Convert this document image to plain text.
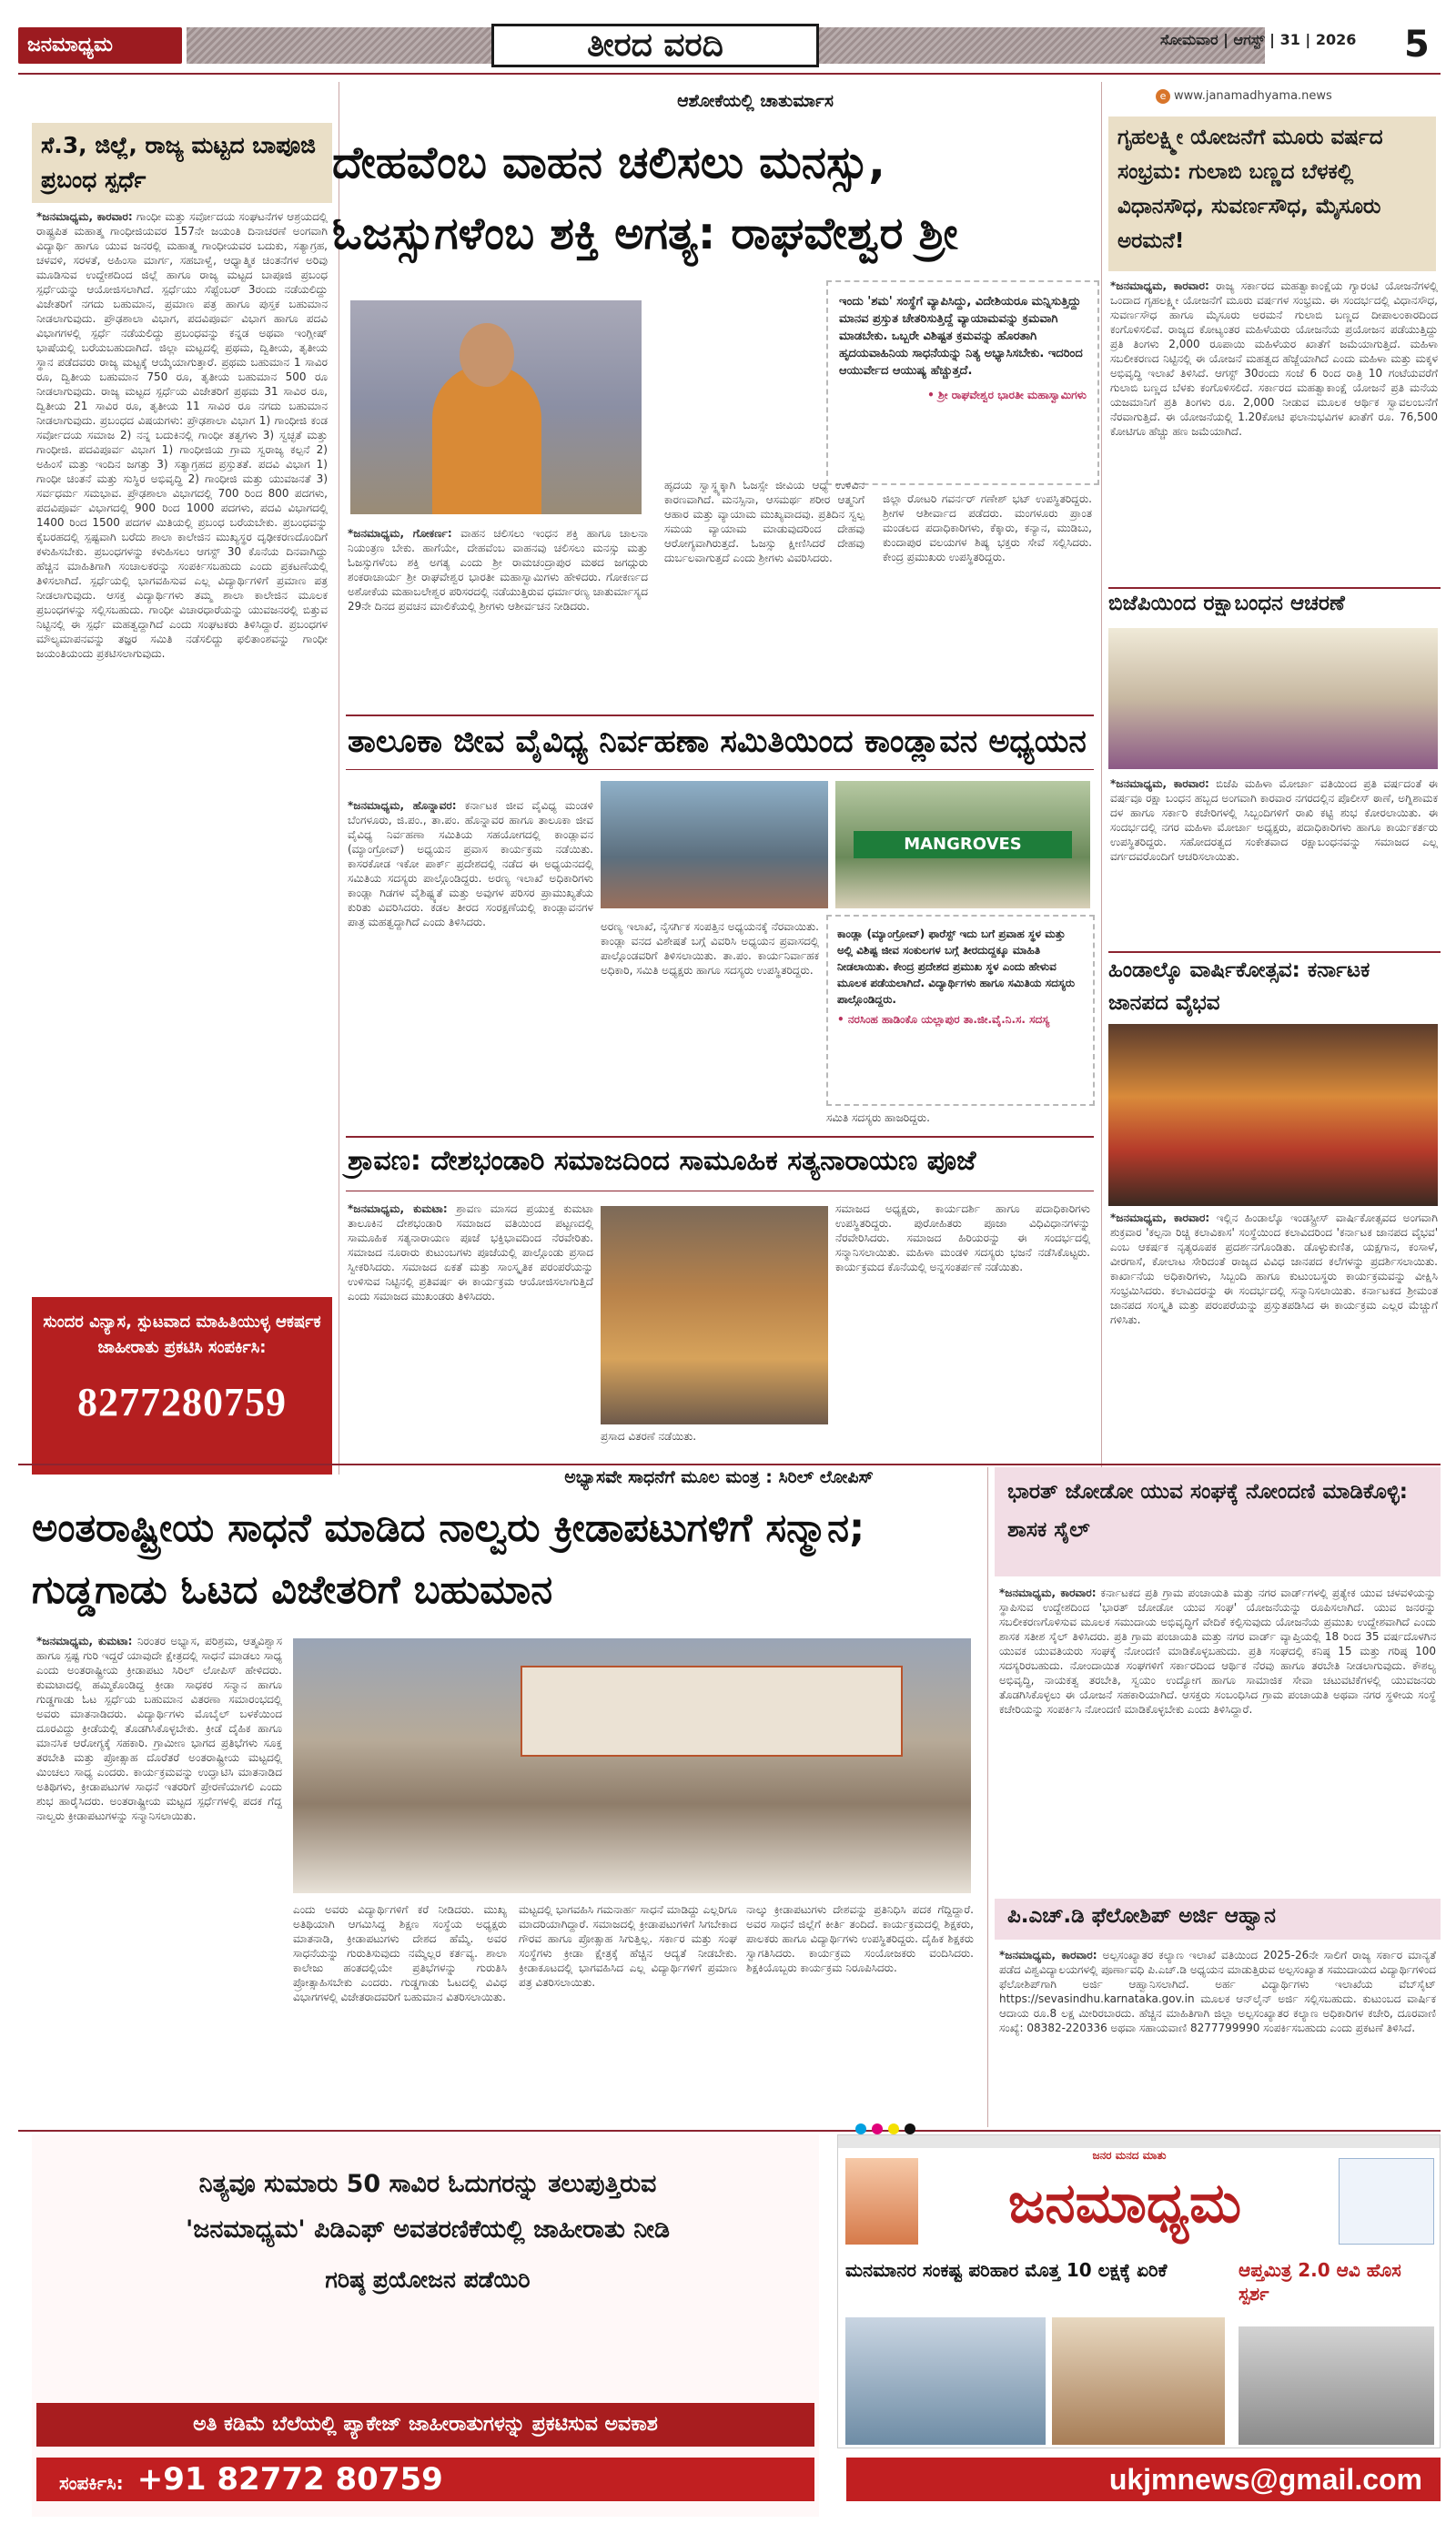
ಜನಮಾಧ್ಯಮ	ತೀರದ ವರದಿ	ಸೋಮವಾರ | ಆಗಸ್ಟ್ | 31 | 2026	5
e www.janamadhyama.news
ಸೆ.3, ಜಿಲ್ಲೆ, ರಾಜ್ಯ ಮಟ್ಟದ ಬಾಪೂಜಿ ಪ್ರಬಂಧ ಸ್ಪರ್ಧೆ
*ಜನಮಾಧ್ಯಮ, ಕಾರವಾರ: ಗಾಂಧೀ ಮತ್ತು ಸರ್ವೋದಯ ಸಂಘಟನೆಗಳ ಆಶ್ರಯದಲ್ಲಿ ರಾಷ್ಟ್ರಪಿತ ಮಹಾತ್ಮ ಗಾಂಧೀಜಿಯವರ 157ನೇ ಜಯಂತಿ ದಿನಾಚರಣೆ ಅಂಗವಾಗಿ ವಿದ್ಯಾರ್ಥಿ ಹಾಗೂ ಯುವ ಜನರಲ್ಲಿ ಮಹಾತ್ಮ ಗಾಂಧೀಯವರ ಬದುಕು, ಸತ್ಯಾಗ್ರಹ, ಚಳವಳಿ, ಸರಳತೆ, ಅಹಿಂಸಾ ಮಾರ್ಗ, ಸಹಬಾಳ್ವೆ, ಆಧ್ಯಾತ್ಮಿಕ ಚಿಂತನೆಗಳ ಅರಿವು ಮೂಡಿಸುವ ಉದ್ದೇಶದಿಂದ ಜಿಲ್ಲೆ ಹಾಗೂ ರಾಜ್ಯ ಮಟ್ಟದ ಬಾಪೂಜಿ ಪ್ರಬಂಧ ಸ್ಪರ್ಧೆಯನ್ನು ಆಯೋಜಿಸಲಾಗಿದೆ. ಸ್ಪರ್ಧೆಯು ಸೆಪ್ಟೆಂಬರ್ 3ರಂದು ನಡೆಯಲಿದ್ದು ವಿಜೇತರಿಗೆ ನಗದು ಬಹುಮಾನ, ಪ್ರಮಾಣ ಪತ್ರ ಹಾಗೂ ಪುಸ್ತಕ ಬಹುಮಾನ ನೀಡಲಾಗುವುದು. ಪ್ರೌಢಶಾಲಾ ವಿಭಾಗ, ಪದವಿಪೂರ್ವ ವಿಭಾಗ ಹಾಗೂ ಪದವಿ ವಿಭಾಗಗಳಲ್ಲಿ ಸ್ಪರ್ಧೆ ನಡೆಯಲಿದ್ದು ಪ್ರಬಂಧವನ್ನು ಕನ್ನಡ ಅಥವಾ ಇಂಗ್ಲೀಷ್ ಭಾಷೆಯಲ್ಲಿ ಬರೆಯಬಹುದಾಗಿದೆ. ಜಿಲ್ಲಾ ಮಟ್ಟದಲ್ಲಿ ಪ್ರಥಮ, ದ್ವಿತೀಯ, ತೃತೀಯ ಸ್ಥಾನ ಪಡೆದವರು ರಾಜ್ಯ ಮಟ್ಟಕ್ಕೆ ಆಯ್ಕೆಯಾಗುತ್ತಾರೆ. ಪ್ರಥಮ ಬಹುಮಾನ 1 ಸಾವಿರ ರೂ, ದ್ವಿತೀಯ ಬಹುಮಾನ 750 ರೂ, ತೃತೀಯ ಬಹುಮಾನ 500 ರೂ ನೀಡಲಾಗುವುದು. ರಾಜ್ಯ ಮಟ್ಟದ ಸ್ಪರ್ಧೆಯ ವಿಜೇತರಿಗೆ ಪ್ರಥಮ 31 ಸಾವಿರ ರೂ, ದ್ವಿತೀಯ 21 ಸಾವಿರ ರೂ, ತೃತೀಯ 11 ಸಾವಿರ ರೂ ನಗದು ಬಹುಮಾನ ನೀಡಲಾಗುವುದು. ಪ್ರಬಂಧದ ವಿಷಯಗಳು: ಪ್ರೌಢಶಾಲಾ ವಿಭಾಗ 1) ಗಾಂಧೀಜಿ ಕಂಡ ಸರ್ವೋದಯ ಸಮಾಜ 2) ನನ್ನ ಬದುಕಿನಲ್ಲಿ ಗಾಂಧೀ ತತ್ವಗಳು 3) ಸ್ವಚ್ಛತೆ ಮತ್ತು ಗಾಂಧೀಜಿ. ಪದವಿಪೂರ್ವ ವಿಭಾಗ 1) ಗಾಂಧೀಜಿಯ ಗ್ರಾಮ ಸ್ವರಾಜ್ಯ ಕಲ್ಪನೆ 2) ಅಹಿಂಸೆ ಮತ್ತು ಇಂದಿನ ಜಗತ್ತು 3) ಸತ್ಯಾಗ್ರಹದ ಪ್ರಸ್ತುತತೆ. ಪದವಿ ವಿಭಾಗ 1) ಗಾಂಧೀ ಚಿಂತನೆ ಮತ್ತು ಸುಸ್ಥಿರ ಅಭಿವೃದ್ಧಿ 2) ಗಾಂಧೀಜಿ ಮತ್ತು ಯುವಜನತೆ 3) ಸರ್ವಧರ್ಮ ಸಮಭಾವ. ಪ್ರೌಢಶಾಲಾ ವಿಭಾಗದಲ್ಲಿ 700 ರಿಂದ 800 ಪದಗಳು, ಪದವಿಪೂರ್ವ ವಿಭಾಗದಲ್ಲಿ 900 ರಿಂದ 1000 ಪದಗಳು, ಪದವಿ ವಿಭಾಗದಲ್ಲಿ 1400 ರಿಂದ 1500 ಪದಗಳ ಮಿತಿಯಲ್ಲಿ ಪ್ರಬಂಧ ಬರೆಯಬೇಕು. ಪ್ರಬಂಧವನ್ನು ಕೈಬರಹದಲ್ಲಿ ಸ್ಪಷ್ಟವಾಗಿ ಬರೆದು ಶಾಲಾ ಕಾಲೇಜಿನ ಮುಖ್ಯಸ್ಥರ ದೃಢೀಕರಣದೊಂದಿಗೆ ಕಳುಹಿಸಬೇಕು. ಪ್ರಬಂಧಗಳನ್ನು ಕಳುಹಿಸಲು ಆಗಸ್ಟ್ 30 ಕೊನೆಯ ದಿನವಾಗಿದ್ದು ಹೆಚ್ಚಿನ ಮಾಹಿತಿಗಾಗಿ ಸಂಚಾಲಕರನ್ನು ಸಂಪರ್ಕಿಸಬಹುದು ಎಂದು ಪ್ರಕಟಣೆಯಲ್ಲಿ ತಿಳಿಸಲಾಗಿದೆ. ಸ್ಪರ್ಧೆಯಲ್ಲಿ ಭಾಗವಹಿಸುವ ಎಲ್ಲ ವಿದ್ಯಾರ್ಥಿಗಳಿಗೆ ಪ್ರಮಾಣ ಪತ್ರ ನೀಡಲಾಗುವುದು. ಆಸಕ್ತ ವಿದ್ಯಾರ್ಥಿಗಳು ತಮ್ಮ ಶಾಲಾ ಕಾಲೇಜಿನ ಮೂಲಕ ಪ್ರಬಂಧಗಳನ್ನು ಸಲ್ಲಿಸಬಹುದು. ಗಾಂಧೀ ವಿಚಾರಧಾರೆಯನ್ನು ಯುವಜನರಲ್ಲಿ ಬಿತ್ತುವ ನಿಟ್ಟಿನಲ್ಲಿ ಈ ಸ್ಪರ್ಧೆ ಮಹತ್ವದ್ದಾಗಿದೆ ಎಂದು ಸಂಘಟಕರು ತಿಳಿಸಿದ್ದಾರೆ. ಪ್ರಬಂಧಗಳ ಮೌಲ್ಯಮಾಪನವನ್ನು ತಜ್ಞರ ಸಮಿತಿ ನಡೆಸಲಿದ್ದು ಫಲಿತಾಂಶವನ್ನು ಗಾಂಧೀ ಜಯಂತಿಯಂದು ಪ್ರಕಟಿಸಲಾಗುವುದು.
ಸುಂದರ ವಿನ್ಯಾಸ, ಸ್ಪುಟವಾದ ಮಾಹಿತಿಯುಳ್ಳ ಆಕರ್ಷಕ ಜಾಹೀರಾತು ಪ್ರಕಟಿಸಿ ಸಂಪರ್ಕಿಸಿ:
8277280759
ಆಶೋಕೆಯಲ್ಲಿ ಚಾತುರ್ಮಾಸ
ದೇಹವೆಂಬ ವಾಹನ ಚಲಿಸಲು ಮನಸ್ಸು, ಓಜಸ್ಸುಗಳೆಂಬ ಶಕ್ತಿ ಅಗತ್ಯ: ರಾಘವೇಶ್ವರ ಶ್ರೀ
ಇಂದು 'ಶಮ' ಸಂಸ್ಥೆಗೆ ವ್ಯಾಪಿಸಿದ್ದು, ವಿದೇಶಿಯರೂ ಮನ್ನಿಸುತ್ತಿದ್ದು ಮಾನವ ಪ್ರಸ್ತುತ ಚೇತರಿಸುತ್ತಿದ್ದೆ ವ್ಯಾಯಾಮವನ್ನು ಕ್ರಮವಾಗಿ ಮಾಡಬೇಕು. ಒಬ್ಬರೇ ವಿಶಿಷ್ಟತ ಕ್ರಮವನ್ನು ಹೊರತಾಗಿ ಹೃದಯವಾಹಿನಿಯ ಸಾಧನೆಯನ್ನು ನಿತ್ಯ ಅಭ್ಯಾಸಿಸಬೇಕು. ಇದರಿಂದ ಆಯುರ್ವೇದ ಆಯುಷ್ಯ ಹೆಚ್ಚುತ್ತದೆ.
• ಶ್ರೀ ರಾಘವೇಶ್ವರ ಭಾರತೀ ಮಹಾಸ್ವಾಮಿಗಳು
*ಜನಮಾಧ್ಯಮ, ಗೋಕರ್ಣ: ವಾಹನ ಚಲಿಸಲು ಇಂಧನ ಶಕ್ತಿ ಹಾಗೂ ಚಾಲನಾ ನಿಯಂತ್ರಣ ಬೇಕು. ಹಾಗೆಯೇ, ದೇಹವೆಂಬ ವಾಹನವು ಚಲಿಸಲು ಮನಸ್ಸು ಮತ್ತು ಓಜಸ್ಸುಗಳೆಂಬ ಶಕ್ತಿ ಅಗತ್ಯ ಎಂದು ಶ್ರೀ ರಾಮಚಂದ್ರಾಪುರ ಮಠದ ಜಗದ್ಗುರು ಶಂಕರಾಚಾರ್ಯ ಶ್ರೀ ರಾಘವೇಶ್ವರ ಭಾರತೀ ಮಹಾಸ್ವಾಮಿಗಳು ಹೇಳಿದರು. ಗೋಕರ್ಣದ ಅಶೋಕೆಯ ಮಹಾಬಲೇಶ್ವರ ಪರಿಸರದಲ್ಲಿ ನಡೆಯುತ್ತಿರುವ ಧರ್ಮಾರಣ್ಯ ಚಾತುರ್ಮಾಸ್ಯದ 29ನೇ ದಿನದ ಪ್ರವಚನ ಮಾಲಿಕೆಯಲ್ಲಿ ಶ್ರೀಗಳು ಆಶೀರ್ವಚನ ನೀಡಿದರು.
ಹೃದಯ ಸ್ವಾಸ್ಥ್ಯಕ್ಕಾಗಿ ಓಜಸ್ಸೇ ಜೀವಿಯ ಆಧ್ಯ ಉಳಿವಿನ ಕಾರಣವಾಗಿದೆ. ಮನಸ್ಸಿನಾ, ಆಸಮರ್ಥ ಶರೀರ ಆತ್ಮನಿಗೆ ಆಹಾರ ಮತ್ತು ವ್ಯಾಯಾಮ ಮುಖ್ಯವಾದವು. ಪ್ರತಿದಿನ ಸ್ವಲ್ಪ ಸಮಯ ವ್ಯಾಯಾಮ ಮಾಡುವುದರಿಂದ ದೇಹವು ಆರೋಗ್ಯವಾಗಿರುತ್ತದೆ. ಓಜಸ್ಸು ಕ್ಷೀಣಿಸಿದರೆ ದೇಹವು ದುರ್ಬಲವಾಗುತ್ತದೆ ಎಂದು ಶ್ರೀಗಳು ವಿವರಿಸಿದರು.
ಜಿಲ್ಲಾ ರೋಟರಿ ಗವರ್ನರ್ ಗಣೇಶ್ ಭಟ್ ಉಪಸ್ಥಿತರಿದ್ದರು. ಶ್ರೀಗಳ ಆಶೀರ್ವಾದ ಪಡೆದರು. ಮಂಗಳೂರು ಪ್ರಾಂತ ಮಂಡಲದ ಪದಾಧಿಕಾರಿಗಳು, ಕೆಕ್ಕಾರು, ಕನ್ಯಾನ, ಮುಡಿಬು, ಕುಂದಾಪುರ ವಲಯಗಳ ಶಿಷ್ಯ ಭಕ್ತರು ಸೇವೆ ಸಲ್ಲಿಸಿದರು. ಕೇಂದ್ರ ಪ್ರಮುಖರು ಉಪಸ್ಥಿತರಿದ್ದರು.
ತಾಲೂಕಾ ಜೀವ ವೈವಿಧ್ಯ ನಿರ್ವಹಣಾ ಸಮಿತಿಯಿಂದ ಕಾಂಡ್ಲಾವನ ಅಧ್ಯಯನ
*ಜನಮಾಧ್ಯಮ, ಹೊನ್ನಾವರ: ಕರ್ನಾಟಕ ಜೀವ ವೈವಿಧ್ಯ ಮಂಡಳಿ ಬೆಂಗಳೂರು, ಜಿ.ಪಂ., ತಾ.ಪಂ. ಹೊನ್ನಾವರ ಹಾಗೂ ತಾಲೂಕಾ ಜೀವ ವೈವಿಧ್ಯ ನಿರ್ವಹಣಾ ಸಮಿತಿಯ ಸಹಯೋಗದಲ್ಲಿ ಕಾಂಡ್ಲಾವನ (ಮ್ಯಾಂಗ್ರೋವ್) ಅಧ್ಯಯನ ಪ್ರವಾಸ ಕಾರ್ಯಕ್ರಮ ನಡೆಯಿತು. ಕಾಸರಕೋಡ ಇಕೋ ಪಾರ್ಕ್ ಪ್ರದೇಶದಲ್ಲಿ ನಡೆದ ಈ ಅಧ್ಯಯನದಲ್ಲಿ ಸಮಿತಿಯ ಸದಸ್ಯರು ಪಾಲ್ಗೊಂಡಿದ್ದರು. ಅರಣ್ಯ ಇಲಾಖೆ ಅಧಿಕಾರಿಗಳು ಕಾಂಡ್ಲಾ ಗಿಡಗಳ ವೈಶಿಷ್ಟ್ಯತೆ ಮತ್ತು ಅವುಗಳ ಪರಿಸರ ಪ್ರಾಮುಖ್ಯತೆಯ ಕುರಿತು ವಿವರಿಸಿದರು. ಕಡಲ ತೀರದ ಸಂರಕ್ಷಣೆಯಲ್ಲಿ ಕಾಂಡ್ಲಾವನಗಳ ಪಾತ್ರ ಮಹತ್ವದ್ದಾಗಿದೆ ಎಂದು ತಿಳಿಸಿದರು.
MANGROVES
ಅರಣ್ಯ ಇಲಾಖೆ, ನೈಸರ್ಗಿಕ ಸಂಪತ್ತಿನ ಅಧ್ಯಯನಕ್ಕೆ ನೆರವಾಯಿತು. ಕಾಂಡ್ಲಾ ವನದ ವಿಶೇಷತೆ ಬಗ್ಗೆ ವಿವರಿಸಿ ಅಧ್ಯಯನ ಪ್ರವಾಸದಲ್ಲಿ ಪಾಲ್ಗೊಂಡವರಿಗೆ ತಿಳಿಸಲಾಯಿತು. ತಾ.ಪಂ. ಕಾರ್ಯನಿರ್ವಾಹಕ ಅಧಿಕಾರಿ, ಸಮಿತಿ ಅಧ್ಯಕ್ಷರು ಹಾಗೂ ಸದಸ್ಯರು ಉಪಸ್ಥಿತರಿದ್ದರು.
ಕಾಂಡ್ಲಾ (ಮ್ಯಾಂಗ್ರೋವ್) ಫಾರೆಸ್ಟ್ ಇದು ಬಗೆ ಪ್ರವಾಹ ಸ್ಥಳ ಮತ್ತು ಅಲ್ಲಿ ವಿಶಿಷ್ಟ ಜೀವ ಸಂಕುಲಗಳ ಬಗ್ಗೆ ತೀರದುದ್ದಕ್ಕೂ ಮಾಹಿತಿ ನೀಡಲಾಯಿತು. ಕೇಂದ್ರ ಪ್ರದೇಶದ ಪ್ರಮುಖ ಸ್ಥಳ ಎಂದು ಹೇಳುವ ಮೂಲಕ ಪಡೆಯಲಾಗಿದೆ. ವಿದ್ಯಾರ್ಥಿಗಳು ಹಾಗೂ ಸಮಿತಿಯ ಸದಸ್ಯರು ಪಾಲ್ಗೊಂಡಿದ್ದರು.
• ನರಸಿಂಹ ಹಾಡಿಂಕೊ ಯಲ್ಲಾಪುರ ತಾ.ಜೀ.ವೈ.ನಿ.ಸ. ಸದಸ್ಯ
ಸಮಿತಿ ಸದಸ್ಯರು ಹಾಜರಿದ್ದರು.
ಶ್ರಾವಣ: ದೇಶಭಂಡಾರಿ ಸಮಾಜದಿಂದ ಸಾಮೂಹಿಕ ಸತ್ಯನಾರಾಯಣ ಪೂಜೆ
*ಜನಮಾಧ್ಯಮ, ಕುಮಟಾ: ಶ್ರಾವಣ ಮಾಸದ ಪ್ರಯುಕ್ತ ಕುಮಟಾ ತಾಲೂಕಿನ ದೇಶಭಂಡಾರಿ ಸಮಾಜದ ವತಿಯಿಂದ ಪಟ್ಟಣದಲ್ಲಿ ಸಾಮೂಹಿಕ ಸತ್ಯನಾರಾಯಣ ಪೂಜೆ ಭಕ್ತಿಭಾವದಿಂದ ನೆರವೇರಿತು. ಸಮಾಜದ ನೂರಾರು ಕುಟುಂಬಗಳು ಪೂಜೆಯಲ್ಲಿ ಪಾಲ್ಗೊಂಡು ಪ್ರಸಾದ ಸ್ವೀಕರಿಸಿದರು. ಸಮಾಜದ ಏಕತೆ ಮತ್ತು ಸಾಂಸ್ಕೃತಿಕ ಪರಂಪರೆಯನ್ನು ಉಳಿಸುವ ನಿಟ್ಟಿನಲ್ಲಿ ಪ್ರತಿವರ್ಷ ಈ ಕಾರ್ಯಕ್ರಮ ಆಯೋಜಿಸಲಾಗುತ್ತಿದೆ ಎಂದು ಸಮಾಜದ ಮುಖಂಡರು ತಿಳಿಸಿದರು.
ಪ್ರಸಾದ ವಿತರಣೆ ನಡೆಯಿತು.
ಸಮಾಜದ ಅಧ್ಯಕ್ಷರು, ಕಾರ್ಯದರ್ಶಿ ಹಾಗೂ ಪದಾಧಿಕಾರಿಗಳು ಉಪಸ್ಥಿತರಿದ್ದರು. ಪುರೋಹಿತರು ಪೂಜಾ ವಿಧಿವಿಧಾನಗಳನ್ನು ನೆರವೇರಿಸಿದರು. ಸಮಾಜದ ಹಿರಿಯರನ್ನು ಈ ಸಂದರ್ಭದಲ್ಲಿ ಸನ್ಮಾನಿಸಲಾಯಿತು. ಮಹಿಳಾ ಮಂಡಳಿ ಸದಸ್ಯರು ಭಜನೆ ನಡೆಸಿಕೊಟ್ಟರು. ಕಾರ್ಯಕ್ರಮದ ಕೊನೆಯಲ್ಲಿ ಅನ್ನಸಂತರ್ಪಣೆ ನಡೆಯಿತು.
ಗೃಹಲಕ್ಷ್ಮೀ ಯೋಜನೆಗೆ ಮೂರು ವರ್ಷದ ಸಂಭ್ರಮ: ಗುಲಾಬಿ ಬಣ್ಣದ ಬೆಳಕಲ್ಲಿ ವಿಧಾನಸೌಧ, ಸುವರ್ಣಸೌಧ, ಮೈಸೂರು ಅರಮನೆ!
*ಜನಮಾಧ್ಯಮ, ಕಾರವಾರ: ರಾಜ್ಯ ಸರ್ಕಾರದ ಮಹತ್ವಾಕಾಂಕ್ಷೆಯ ಗ್ಯಾರಂಟಿ ಯೋಜನೆಗಳಲ್ಲಿ ಒಂದಾದ ಗೃಹಲಕ್ಷ್ಮೀ ಯೋಜನೆಗೆ ಮೂರು ವರ್ಷಗಳ ಸಂಭ್ರಮ. ಈ ಸಂದರ್ಭದಲ್ಲಿ ವಿಧಾನಸೌಧ, ಸುವರ್ಣಸೌಧ ಹಾಗೂ ಮೈಸೂರು ಅರಮನೆ ಗುಲಾಬಿ ಬಣ್ಣದ ದೀಪಾಲಂಕಾರದಿಂದ ಕಂಗೊಳಿಸಲಿವೆ. ರಾಜ್ಯದ ಕೋಟ್ಯಂತರ ಮಹಿಳೆಯರು ಯೋಜನೆಯ ಪ್ರಯೋಜನ ಪಡೆಯುತ್ತಿದ್ದು ಪ್ರತಿ ತಿಂಗಳು 2,000 ರೂಪಾಯಿ ಮಹಿಳೆಯರ ಖಾತೆಗೆ ಜಮೆಯಾಗುತ್ತಿದೆ. ಮಹಿಳಾ ಸಬಲೀಕರಣದ ನಿಟ್ಟಿನಲ್ಲಿ ಈ ಯೋಜನೆ ಮಹತ್ವದ ಹೆಜ್ಜೆಯಾಗಿದೆ ಎಂದು ಮಹಿಳಾ ಮತ್ತು ಮಕ್ಕಳ ಅಭಿವೃದ್ಧಿ ಇಲಾಖೆ ತಿಳಿಸಿದೆ. ಆಗಸ್ಟ್ 30ರಂದು ಸಂಜೆ 6 ರಿಂದ ರಾತ್ರಿ 10 ಗಂಟೆಯವರೆಗೆ ಗುಲಾಬಿ ಬಣ್ಣದ ಬೆಳಕು ಕಂಗೊಳಿಸಲಿದೆ. ಸರ್ಕಾರದ ಮಹತ್ವಾಕಾಂಕ್ಷೆ ಯೋಜನೆ ಪ್ರತಿ ಮನೆಯ ಯಜಮಾನಿಗೆ ಪ್ರತಿ ತಿಂಗಳು ರೂ. 2,000 ನೀಡುವ ಮೂಲಕ ಆರ್ಥಿಕ ಸ್ವಾವಲಂಬನೆಗೆ ನೆರವಾಗುತ್ತಿದೆ. ಈ ಯೋಜನೆಯಲ್ಲಿ 1.20ಕೋಟಿ ಫಲಾನುಭವಿಗಳ ಖಾತೆಗೆ ರೂ. 76,500 ಕೋಟಿಗೂ ಹೆಚ್ಚು ಹಣ ಜಮೆಯಾಗಿದೆ.
ಬಿಜೆಪಿಯಿಂದ ರಕ್ಷಾಬಂಧನ ಆಚರಣೆ
*ಜನಮಾಧ್ಯಮ, ಕಾರವಾರ: ಬಿಜೆಪಿ ಮಹಿಳಾ ಮೋರ್ಚಾ ವತಿಯಿಂದ ಪ್ರತಿ ವರ್ಷದಂತೆ ಈ ವರ್ಷವೂ ರಕ್ಷಾ ಬಂಧನ ಹಬ್ಬದ ಅಂಗವಾಗಿ ಕಾರವಾರ ನಗರದಲ್ಲಿನ ಪೊಲೀಸ್ ಠಾಣೆ, ಅಗ್ನಿಶಾಮಕ ದಳ ಹಾಗೂ ಸರ್ಕಾರಿ ಕಚೇರಿಗಳಲ್ಲಿ ಸಿಬ್ಬಂದಿಗಳಿಗೆ ರಾಖಿ ಕಟ್ಟಿ ಶುಭ ಕೋರಲಾಯಿತು. ಈ ಸಂದರ್ಭದಲ್ಲಿ ನಗರ ಮಹಿಳಾ ಮೋರ್ಚಾ ಅಧ್ಯಕ್ಷರು, ಪದಾಧಿಕಾರಿಗಳು ಹಾಗೂ ಕಾರ್ಯಕರ್ತರು ಉಪಸ್ಥಿತರಿದ್ದರು. ಸಹೋದರತ್ವದ ಸಂಕೇತವಾದ ರಕ್ಷಾಬಂಧನವನ್ನು ಸಮಾಜದ ಎಲ್ಲ ವರ್ಗದವರೊಂದಿಗೆ ಆಚರಿಸಲಾಯಿತು.
ಹಿಂಡಾಲ್ಕೊ ವಾರ್ಷಿಕೋತ್ಸವ: ಕರ್ನಾಟಕ ಜಾನಪದ ವೈಭವ
*ಜನಮಾಧ್ಯಮ, ಕಾರವಾರ: ಇಲ್ಲಿನ ಹಿಂಡಾಲ್ಕೊ ಇಂಡಸ್ಟ್ರೀಸ್ ವಾರ್ಷಿಕೋತ್ಸವದ ಅಂಗವಾಗಿ ಶುಕ್ರವಾರ 'ಕಲ್ಪನಾ ರಿಚ್ಚಿ ಕಲಾವಿಕಾಸ' ಸಂಸ್ಥೆಯಿಂದ ಕಲಾವಿದರಿಂದ 'ಕರ್ನಾಟಕ ಜಾನಪದ ವೈಭವ' ಎಂಬ ಆಕರ್ಷಕ ನೃತ್ಯರೂಪಕ ಪ್ರದರ್ಶನಗೊಂಡಿತು. ಡೊಳ್ಳುಕುಣಿತ, ಯಕ್ಷಗಾನ, ಕಂಸಾಳೆ, ವೀರಗಾಸೆ, ಕೋಲಾಟ ಸೇರಿದಂತೆ ರಾಜ್ಯದ ವಿವಿಧ ಜಾನಪದ ಕಲೆಗಳನ್ನು ಪ್ರದರ್ಶಿಸಲಾಯಿತು. ಕಾರ್ಖಾನೆಯ ಅಧಿಕಾರಿಗಳು, ಸಿಬ್ಬಂದಿ ಹಾಗೂ ಕುಟುಂಬಸ್ಥರು ಕಾರ್ಯಕ್ರಮವನ್ನು ವೀಕ್ಷಿಸಿ ಸಂಭ್ರಮಿಸಿದರು. ಕಲಾವಿದರನ್ನು ಈ ಸಂದರ್ಭದಲ್ಲಿ ಸನ್ಮಾನಿಸಲಾಯಿತು. ಕರ್ನಾಟಕದ ಶ್ರೀಮಂತ ಜಾನಪದ ಸಂಸ್ಕೃತಿ ಮತ್ತು ಪರಂಪರೆಯನ್ನು ಪ್ರಸ್ತುತಪಡಿಸಿದ ಈ ಕಾರ್ಯಕ್ರಮ ಎಲ್ಲರ ಮೆಚ್ಚುಗೆ ಗಳಿಸಿತು.
ಅಭ್ಯಾಸವೇ ಸಾಧನೆಗೆ ಮೂಲ ಮಂತ್ರ : ಸಿರಿಲ್ ಲೋಪಿಸ್
ಅಂತರಾಷ್ಟ್ರೀಯ ಸಾಧನೆ ಮಾಡಿದ ನಾಲ್ವರು ಕ್ರೀಡಾಪಟುಗಳಿಗೆ ಸನ್ಮಾನ; ಗುಡ್ಡಗಾಡು ಓಟದ ವಿಜೇತರಿಗೆ ಬಹುಮಾನ
*ಜನಮಾಧ್ಯಮ, ಕುಮಟಾ: ನಿರಂತರ ಅಭ್ಯಾಸ, ಪರಿಶ್ರಮ, ಆತ್ಮವಿಶ್ವಾಸ ಹಾಗೂ ಸ್ಪಷ್ಟ ಗುರಿ ಇದ್ದರೆ ಯಾವುದೇ ಕ್ಷೇತ್ರದಲ್ಲಿ ಸಾಧನೆ ಮಾಡಲು ಸಾಧ್ಯ ಎಂದು ಅಂತರಾಷ್ಟ್ರೀಯ ಕ್ರೀಡಾಪಟು ಸಿರಿಲ್ ಲೋಪಿಸ್ ಹೇಳಿದರು. ಕುಮಟಾದಲ್ಲಿ ಹಮ್ಮಿಕೊಂಡಿದ್ದ ಕ್ರೀಡಾ ಸಾಧಕರ ಸನ್ಮಾನ ಹಾಗೂ ಗುಡ್ಡಗಾಡು ಓಟ ಸ್ಪರ್ಧೆಯ ಬಹುಮಾನ ವಿತರಣಾ ಸಮಾರಂಭದಲ್ಲಿ ಅವರು ಮಾತನಾಡಿದರು. ವಿದ್ಯಾರ್ಥಿಗಳು ಮೊಬೈಲ್ ಬಳಕೆಯಿಂದ ದೂರವಿದ್ದು ಕ್ರೀಡೆಯಲ್ಲಿ ತೊಡಗಿಸಿಕೊಳ್ಳಬೇಕು. ಕ್ರೀಡೆ ದೈಹಿಕ ಹಾಗೂ ಮಾನಸಿಕ ಆರೋಗ್ಯಕ್ಕೆ ಸಹಕಾರಿ. ಗ್ರಾಮೀಣ ಭಾಗದ ಪ್ರತಿಭೆಗಳು ಸೂಕ್ತ ತರಬೇತಿ ಮತ್ತು ಪ್ರೋತ್ಸಾಹ ದೊರೆತರೆ ಅಂತರಾಷ್ಟ್ರೀಯ ಮಟ್ಟದಲ್ಲಿ ಮಿಂಚಲು ಸಾಧ್ಯ ಎಂದರು. ಕಾರ್ಯಕ್ರಮವನ್ನು ಉದ್ಘಾಟಿಸಿ ಮಾತನಾಡಿದ ಅತಿಥಿಗಳು, ಕ್ರೀಡಾಪಟುಗಳ ಸಾಧನೆ ಇತರರಿಗೆ ಪ್ರೇರಣೆಯಾಗಲಿ ಎಂದು ಶುಭ ಹಾರೈಸಿದರು. ಅಂತರಾಷ್ಟ್ರೀಯ ಮಟ್ಟದ ಸ್ಪರ್ಧೆಗಳಲ್ಲಿ ಪದಕ ಗೆದ್ದ ನಾಲ್ವರು ಕ್ರೀಡಾಪಟುಗಳನ್ನು ಸನ್ಮಾನಿಸಲಾಯಿತು.
ಎಂದು ಅವರು ವಿದ್ಯಾರ್ಥಿಗಳಿಗೆ ಕರೆ ನೀಡಿದರು. ಮುಖ್ಯ ಅತಿಥಿಯಾಗಿ ಆಗಮಿಸಿದ್ದ ಶಿಕ್ಷಣ ಸಂಸ್ಥೆಯ ಅಧ್ಯಕ್ಷರು ಮಾತನಾಡಿ, ಕ್ರೀಡಾಪಟುಗಳು ದೇಶದ ಹೆಮ್ಮೆ. ಅವರ ಸಾಧನೆಯನ್ನು ಗುರುತಿಸುವುದು ನಮ್ಮೆಲ್ಲರ ಕರ್ತವ್ಯ. ಶಾಲಾ ಕಾಲೇಜು ಹಂತದಲ್ಲಿಯೇ ಪ್ರತಿಭೆಗಳನ್ನು ಗುರುತಿಸಿ ಪ್ರೋತ್ಸಾಹಿಸಬೇಕು ಎಂದರು. ಗುಡ್ಡಗಾಡು ಓಟದಲ್ಲಿ ವಿವಿಧ ವಿಭಾಗಗಳಲ್ಲಿ ವಿಜೇತರಾದವರಿಗೆ ಬಹುಮಾನ ವಿತರಿಸಲಾಯಿತು.
ಮಟ್ಟದಲ್ಲಿ ಭಾಗವಹಿಸಿ ಗಮನಾರ್ಹ ಸಾಧನೆ ಮಾಡಿದ್ದು ಎಲ್ಲರಿಗೂ ಮಾದರಿಯಾಗಿದ್ದಾರೆ. ಸಮಾಜದಲ್ಲಿ ಕ್ರೀಡಾಪಟುಗಳಿಗೆ ಸಿಗಬೇಕಾದ ಗೌರವ ಹಾಗೂ ಪ್ರೋತ್ಸಾಹ ಸಿಗುತ್ತಿಲ್ಲ. ಸರ್ಕಾರ ಮತ್ತು ಸಂಘ ಸಂಸ್ಥೆಗಳು ಕ್ರೀಡಾ ಕ್ಷೇತ್ರಕ್ಕೆ ಹೆಚ್ಚಿನ ಆದ್ಯತೆ ನೀಡಬೇಕು. ಕ್ರೀಡಾಕೂಟದಲ್ಲಿ ಭಾಗವಹಿಸಿದ ಎಲ್ಲ ವಿದ್ಯಾರ್ಥಿಗಳಿಗೆ ಪ್ರಮಾಣ ಪತ್ರ ವಿತರಿಸಲಾಯಿತು.
ನಾಲ್ಕು ಕ್ರೀಡಾಪಟುಗಳು ದೇಶವನ್ನು ಪ್ರತಿನಿಧಿಸಿ ಪದಕ ಗೆದ್ದಿದ್ದಾರೆ. ಅವರ ಸಾಧನೆ ಜಿಲ್ಲೆಗೆ ಕೀರ್ತಿ ತಂದಿದೆ. ಕಾರ್ಯಕ್ರಮದಲ್ಲಿ ಶಿಕ್ಷಕರು, ಪಾಲಕರು ಹಾಗೂ ವಿದ್ಯಾರ್ಥಿಗಳು ಉಪಸ್ಥಿತರಿದ್ದರು. ದೈಹಿಕ ಶಿಕ್ಷಕರು ಸ್ವಾಗತಿಸಿದರು. ಕಾರ್ಯಕ್ರಮ ಸಂಯೋಜಕರು ವಂದಿಸಿದರು. ಶಿಕ್ಷಕಿಯೊಬ್ಬರು ಕಾರ್ಯಕ್ರಮ ನಿರೂಪಿಸಿದರು.
ಭಾರತ್ ಜೋಡೋ ಯುವ ಸಂಘಕ್ಕೆ ನೋಂದಣಿ ಮಾಡಿಕೊಳ್ಳಿ: ಶಾಸಕ ಸೈಲ್
*ಜನಮಾಧ್ಯಮ, ಕಾರವಾರ: ಕರ್ನಾಟಕದ ಪ್ರತಿ ಗ್ರಾಮ ಪಂಚಾಯತಿ ಮತ್ತು ನಗರ ವಾರ್ಡ್‌ಗಳಲ್ಲಿ ಪ್ರತ್ಯೇಕ ಯುವ ಚಳವಳಿಯನ್ನು ಸ್ಥಾಪಿಸುವ ಉದ್ದೇಶದಿಂದ 'ಭಾರತ್ ಜೋಡೋ ಯುವ ಸಂಘ' ಯೋಜನೆಯನ್ನು ರೂಪಿಸಲಾಗಿದೆ. ಯುವ ಜನರನ್ನು ಸಬಲೀಕರಣಗೊಳಿಸುವ ಮೂಲಕ ಸಮುದಾಯ ಅಭಿವೃದ್ಧಿಗೆ ವೇದಿಕೆ ಕಲ್ಪಿಸುವುದು ಯೋಜನೆಯ ಪ್ರಮುಖ ಉದ್ದೇಶವಾಗಿದೆ ಎಂದು ಶಾಸಕ ಸತೀಶ ಸೈಲ್ ತಿಳಿಸಿದರು. ಪ್ರತಿ ಗ್ರಾಮ ಪಂಚಾಯತಿ ಮತ್ತು ನಗರ ವಾರ್ಡ್ ವ್ಯಾಪ್ತಿಯಲ್ಲಿ 18 ರಿಂದ 35 ವರ್ಷದೊಳಗಿನ ಯುವಕ ಯುವತಿಯರು ಸಂಘಕ್ಕೆ ನೋಂದಣಿ ಮಾಡಿಕೊಳ್ಳಬಹುದು. ಪ್ರತಿ ಸಂಘದಲ್ಲಿ ಕನಿಷ್ಠ 15 ಮತ್ತು ಗರಿಷ್ಠ 100 ಸದಸ್ಯರಿರಬಹುದು. ನೋಂದಾಯಿತ ಸಂಘಗಳಿಗೆ ಸರ್ಕಾರದಿಂದ ಆರ್ಥಿಕ ನೆರವು ಹಾಗೂ ತರಬೇತಿ ನೀಡಲಾಗುವುದು. ಕೌಶಲ್ಯ ಅಭಿವೃದ್ಧಿ, ನಾಯಕತ್ವ ತರಬೇತಿ, ಸ್ವಯಂ ಉದ್ಯೋಗ ಹಾಗೂ ಸಾಮಾಜಿಕ ಸೇವಾ ಚಟುವಟಿಕೆಗಳಲ್ಲಿ ಯುವಜನರು ತೊಡಗಿಸಿಕೊಳ್ಳಲು ಈ ಯೋಜನೆ ಸಹಕಾರಿಯಾಗಿದೆ. ಆಸಕ್ತರು ಸಂಬಂಧಿಸಿದ ಗ್ರಾಮ ಪಂಚಾಯತಿ ಅಥವಾ ನಗರ ಸ್ಥಳೀಯ ಸಂಸ್ಥೆ ಕಚೇರಿಯನ್ನು ಸಂಪರ್ಕಿಸಿ ನೋಂದಣಿ ಮಾಡಿಕೊಳ್ಳಬೇಕು ಎಂದು ತಿಳಿಸಿದ್ದಾರೆ.
ಪಿ.ಎಚ್.ಡಿ ಫೆಲೋಶಿಪ್ ಅರ್ಜಿ ಆಹ್ವಾನ
*ಜನಮಾಧ್ಯಮ, ಕಾರವಾರ: ಅಲ್ಪಸಂಖ್ಯಾತರ ಕಲ್ಯಾಣ ಇಲಾಖೆ ವತಿಯಿಂದ 2025-26ನೇ ಸಾಲಿಗೆ ರಾಜ್ಯ ಸರ್ಕಾರ ಮಾನ್ಯತೆ ಪಡೆದ ವಿಶ್ವವಿದ್ಯಾಲಯಗಳಲ್ಲಿ ಪೂರ್ಣಾವಧಿ ಪಿ.ಎಚ್.ಡಿ ಅಧ್ಯಯನ ಮಾಡುತ್ತಿರುವ ಅಲ್ಪಸಂಖ್ಯಾತ ಸಮುದಾಯದ ವಿದ್ಯಾರ್ಥಿಗಳಿಂದ ಫೆಲೋಶಿಪ್‌ಗಾಗಿ ಅರ್ಜಿ ಆಹ್ವಾನಿಸಲಾಗಿದೆ. ಅರ್ಹ ವಿದ್ಯಾರ್ಥಿಗಳು ಇಲಾಖೆಯ ವೆಬ್‌ಸೈಟ್ https://sevasindhu.karnataka.gov.in ಮೂಲಕ ಆನ್‌ಲೈನ್ ಅರ್ಜಿ ಸಲ್ಲಿಸಬಹುದು. ಕುಟುಂಬದ ವಾರ್ಷಿಕ ಆದಾಯ ರೂ.8 ಲಕ್ಷ ಮೀರಿರಬಾರದು. ಹೆಚ್ಚಿನ ಮಾಹಿತಿಗಾಗಿ ಜಿಲ್ಲಾ ಅಲ್ಪಸಂಖ್ಯಾತರ ಕಲ್ಯಾಣ ಅಧಿಕಾರಿಗಳ ಕಚೇರಿ, ದೂರವಾಣಿ ಸಂಖ್ಯೆ: 08382-220336 ಅಥವಾ ಸಹಾಯವಾಣಿ 8277799990 ಸಂಪರ್ಕಿಸಬಹುದು ಎಂದು ಪ್ರಕಟಣೆ ತಿಳಿಸಿದೆ.
ನಿತ್ಯವೂ ಸುಮಾರು 50 ಸಾವಿರ ಓದುಗರನ್ನು ತಲುಪುತ್ತಿರುವ
'ಜನಮಾಧ್ಯಮ' ಪಿಡಿಎಫ್ ಅವತರಣಿಕೆಯಲ್ಲಿ ಜಾಹೀರಾತು ನೀಡಿ
ಗರಿಷ್ಠ ಪ್ರಯೋಜನ ಪಡೆಯಿರಿ
ಅತಿ ಕಡಿಮೆ ಬೆಲೆಯಲ್ಲಿ ಪ್ಯಾಕೇಜ್ ಜಾಹೀರಾತುಗಳನ್ನು ಪ್ರಕಟಿಸುವ ಅವಕಾಶ
ಸಂಪರ್ಕಿಸಿ: +91 82772 80759
ಜನರ ಮನದ ಮಾತು
ಜನಮಾಧ್ಯಮ
ಮನಮಾನರ ಸಂಕಷ್ಟ ಪರಿಹಾರ ಮೊತ್ತ 10 ಲಕ್ಷಕ್ಕೆ ಏರಿಕೆ	ಆಪ್ತಮಿತ್ರ 2.0 ಆವಿ ಹೊಸ ಸ್ಪರ್ಶ
ukjmnews@gmail.com
